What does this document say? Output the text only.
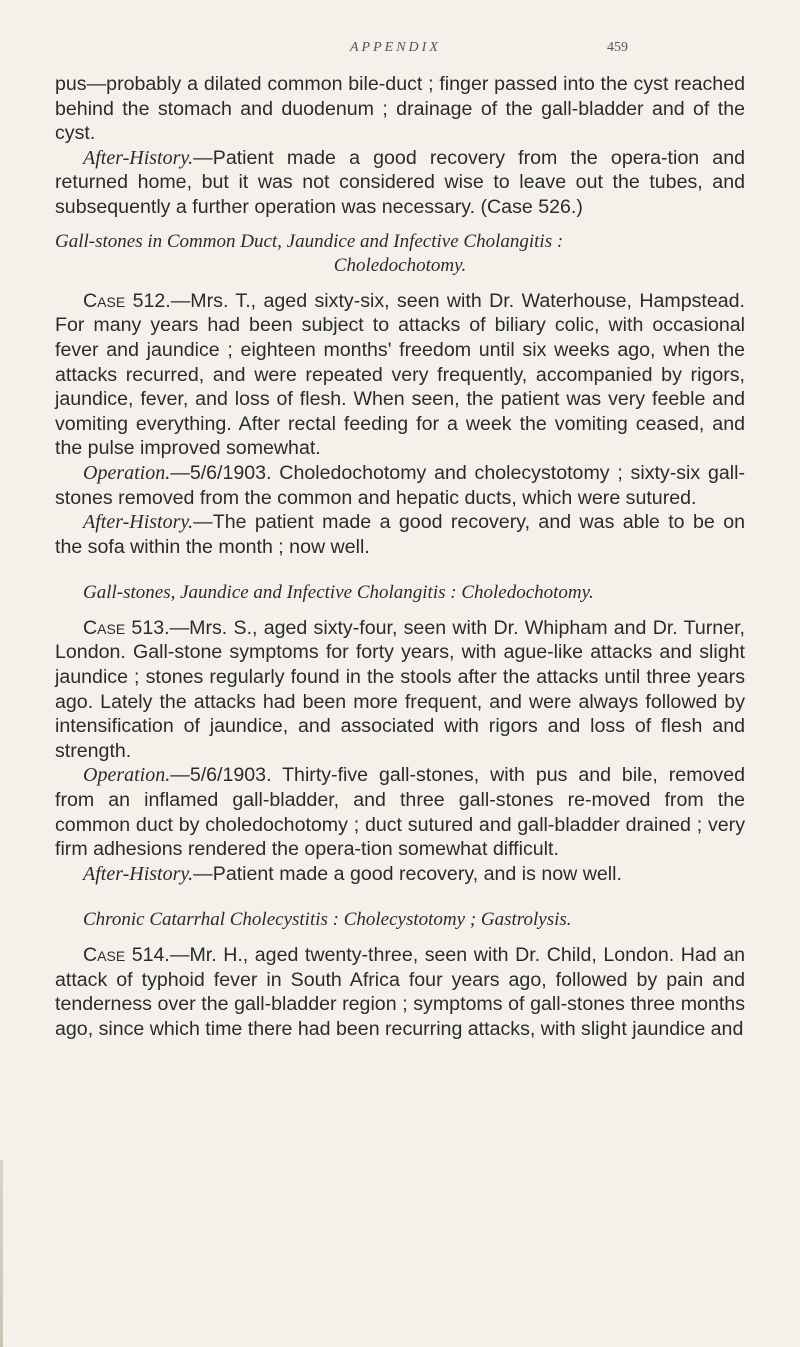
APPENDIX	459

pus—probably a dilated common bile-duct ; finger passed into the cyst reached behind the stomach and duodenum ; drainage of the gall-bladder and of the cyst.

After-History.—Patient made a good recovery from the opera-tion and returned home, but it was not considered wise to leave out the tubes, and subsequently a further operation was necessary. (Case 526.)

Gall-stones in Common Duct, Jaundice and Infective Cholangitis :

Choledochotomy.

Case 512.—Mrs. T., aged sixty-six, seen with Dr. Waterhouse, Hampstead. For many years had been subject to attacks of biliary colic, with occasional fever and jaundice ; eighteen months' freedom until six weeks ago, when the attacks recurred, and were repeated very frequently, accompanied by rigors, jaundice, fever, and loss of flesh. When seen, the patient was very feeble and vomiting everything. After rectal feeding for a week the vomiting ceased, and the pulse improved somewhat.

Operation.—5/6/1903. Choledochotomy and cholecystotomy ; sixty-six gall-stones removed from the common and hepatic ducts, which were sutured.

After-History.—The patient made a good recovery, and was able to be on the sofa within the month ; now well.

Gall-stones, Jaundice and Infective Cholangitis : Choledochotomy.

Case 513.—Mrs. S., aged sixty-four, seen with Dr. Whipham and Dr. Turner, London. Gall-stone symptoms for forty years, with ague-like attacks and slight jaundice ; stones regularly found in the stools after the attacks until three years ago. Lately the attacks had been more frequent, and were always followed by intensification of jaundice, and associated with rigors and loss of flesh and strength.

Operation.—5/6/1903. Thirty-five gall-stones, with pus and bile, removed from an inflamed gall-bladder, and three gall-stones re-moved from the common duct by choledochotomy ; duct sutured and gall-bladder drained ; very firm adhesions rendered the opera-tion somewhat difficult.

After-History.—Patient made a good recovery, and is now well.

Chronic Catarrhal Cholecystitis : Cholecystotomy ; Gastrolysis.

Case 514.—Mr. H., aged twenty-three, seen with Dr. Child, London. Had an attack of typhoid fever in South Africa four years ago, followed by pain and tenderness over the gall-bladder region ; symptoms of gall-stones three months ago, since which time there had been recurring attacks, with slight jaundice and
